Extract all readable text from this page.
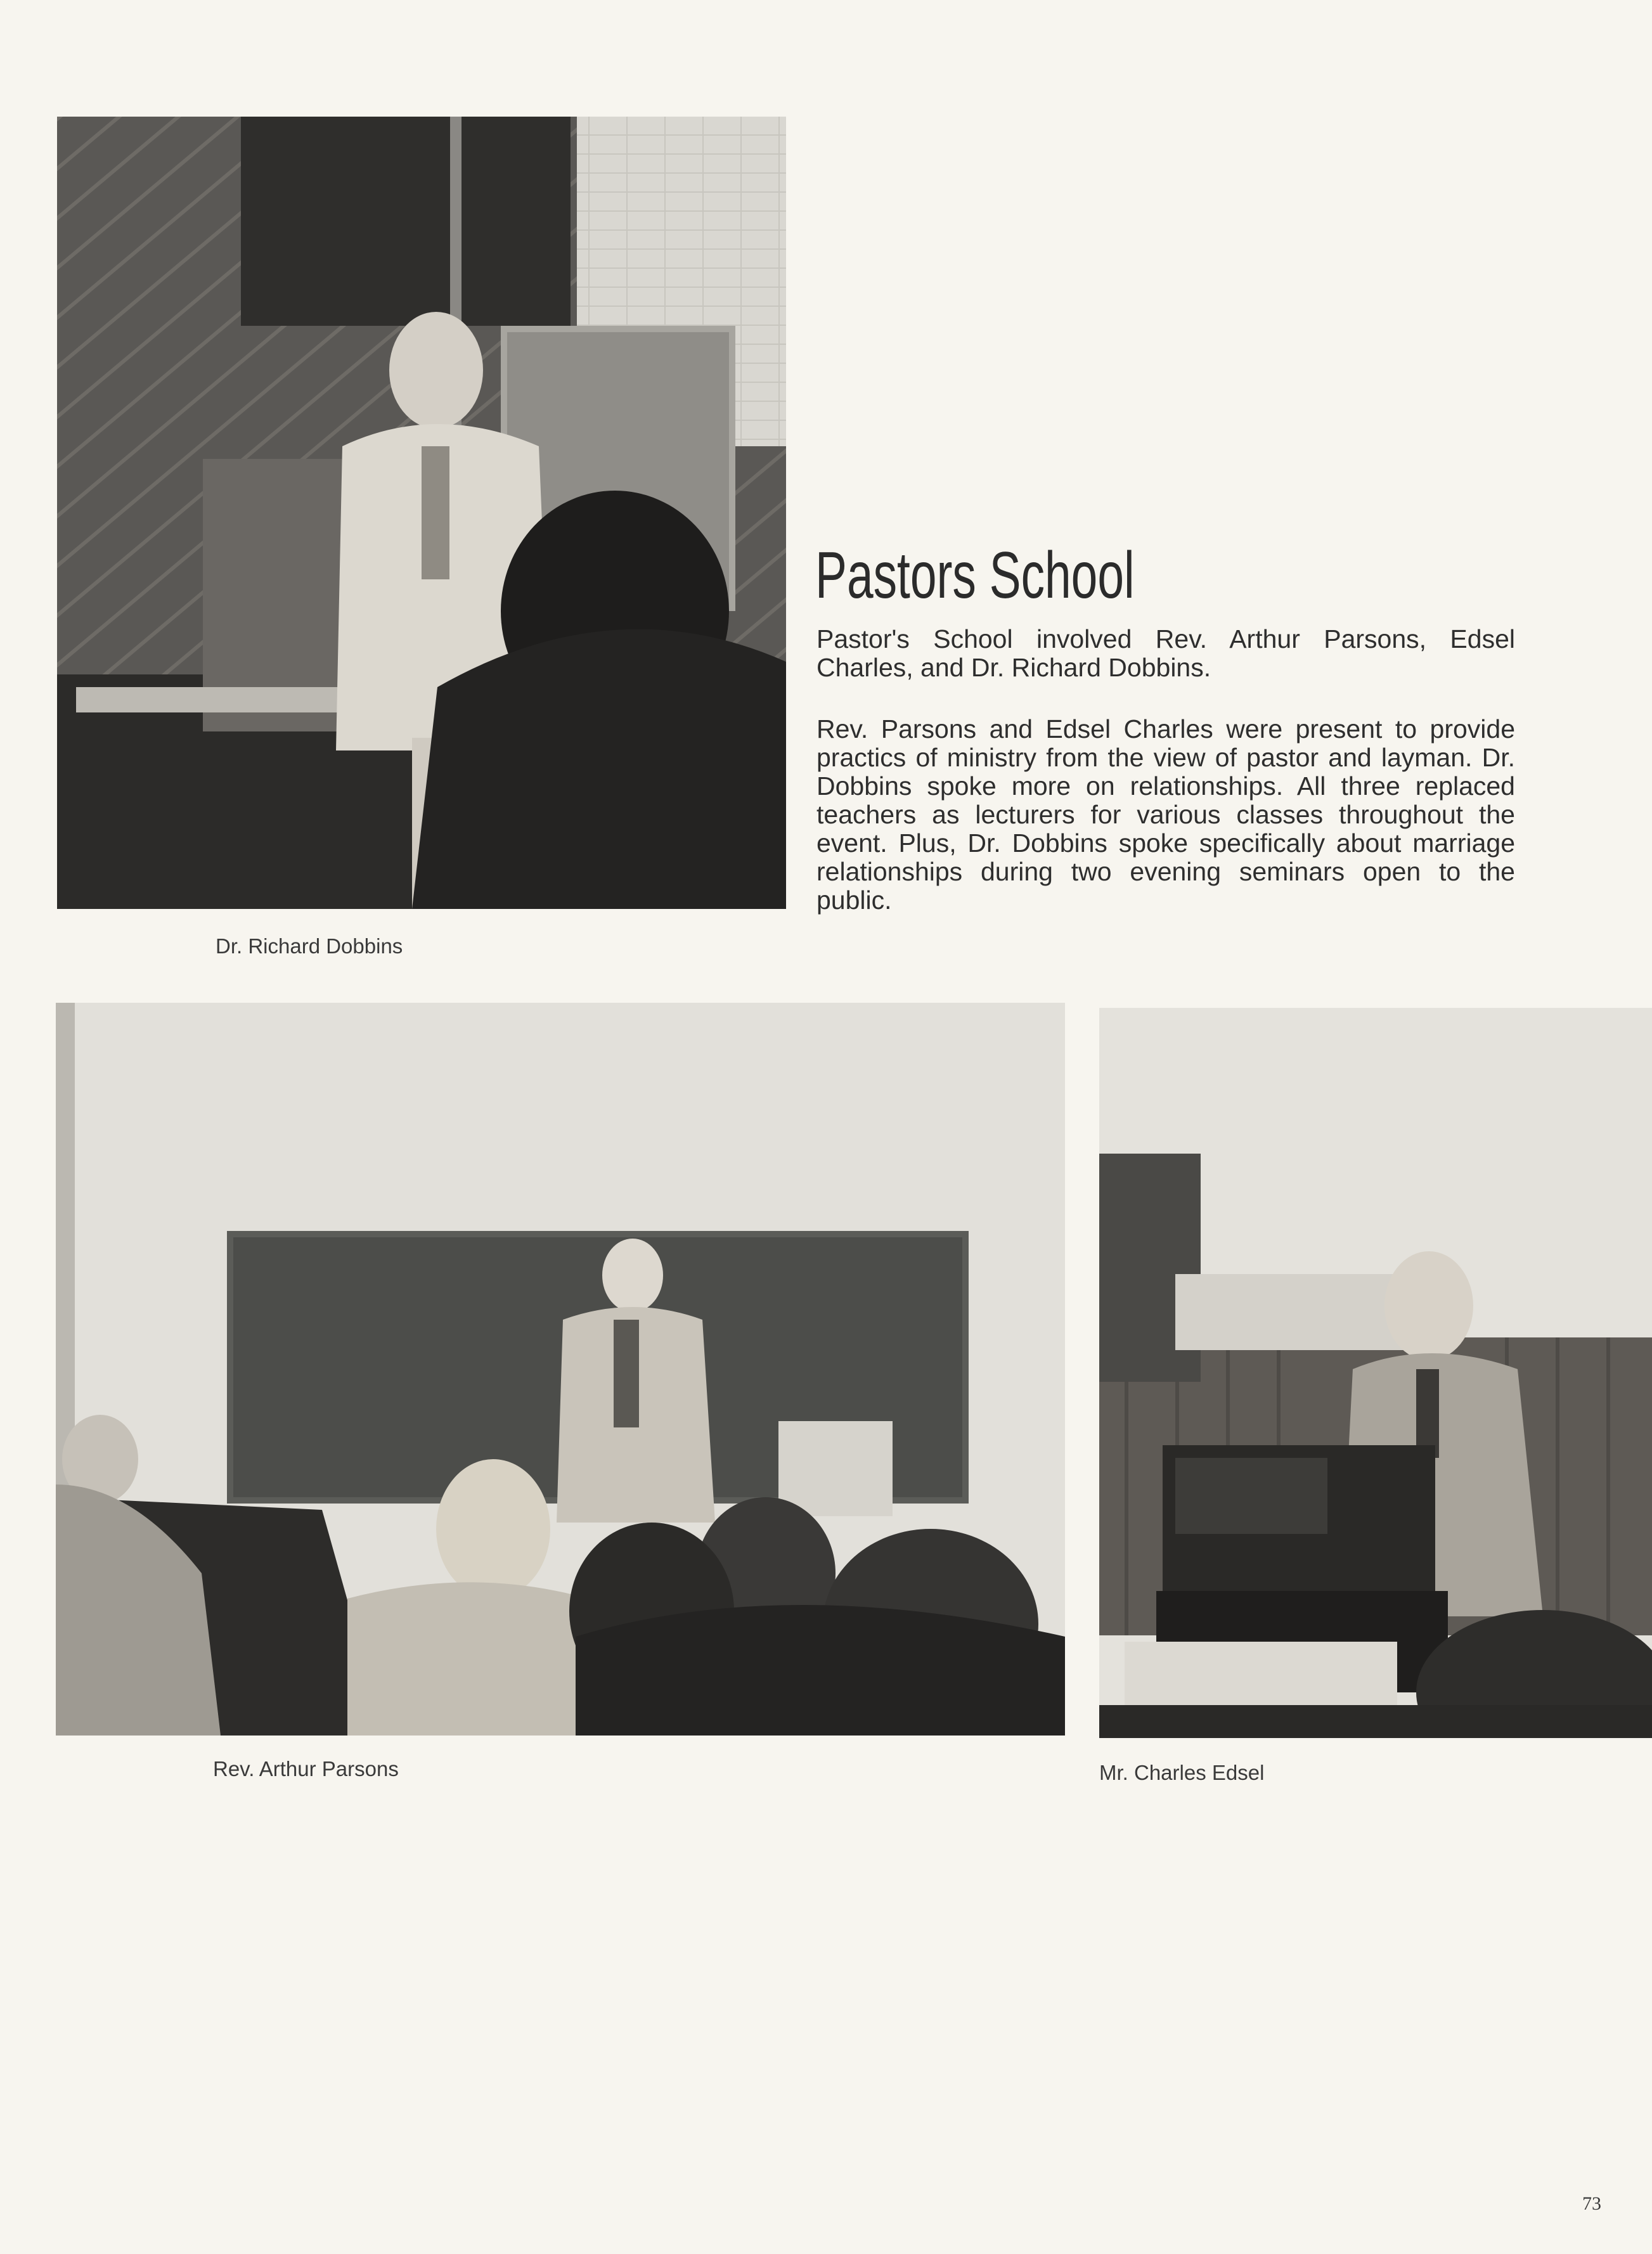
Dr. Richard Dobbins
Pastors School

Pastor's School involved Rev. Arthur Parsons, Edsel Charles, and Dr. Richard Dobbins.

Rev. Parsons and Edsel Charles were present to provide practics of ministry from the view of pastor and layman. Dr. Dobbins spoke more on relationships. All three replaced teachers as lecturers for various classes throughout the event. Plus, Dr. Dobbins spoke specifically about marriage relationships during two evening seminars open to the public.

Rev. Arthur Parsons	Mr. Charles Edsel
73
